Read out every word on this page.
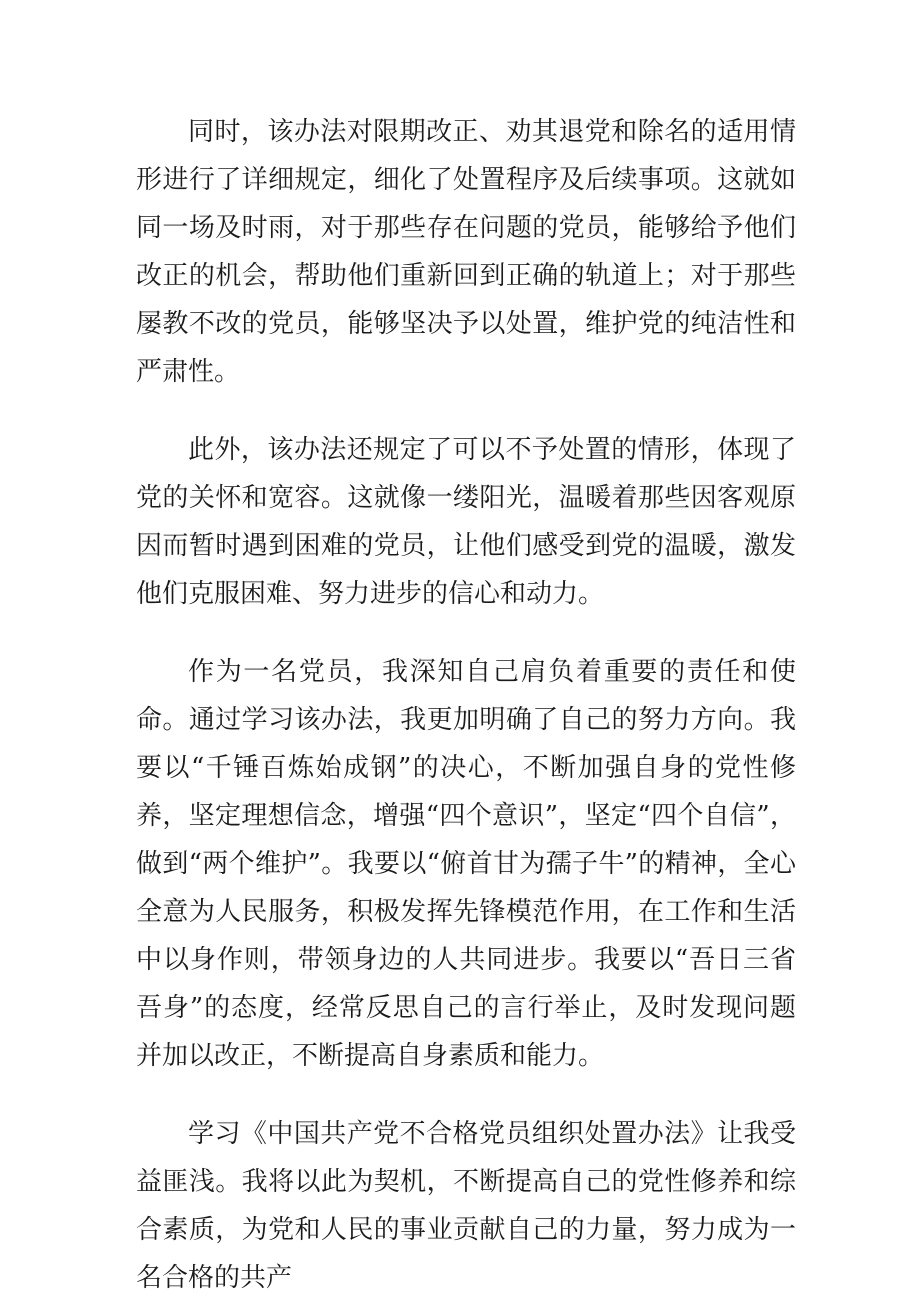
同时，该办法对限期改正、劝其退党和除名的适用情形进行了详细规定，细化了处置程序及后续事项。这就如同一场及时雨，对于那些存在问题的党员，能够给予他们改正的机会，帮助他们重新回到正确的轨道上；对于那些屡教不改的党员，能够坚决予以处置，维护党的纯洁性和严肃性。

此外，该办法还规定了可以不予处置的情形，体现了党的关怀和宽容。这就像一缕阳光，温暖着那些因客观原因而暂时遇到困难的党员，让他们感受到党的温暖，激发他们克服困难、努力进步的信心和动力。

作为一名党员，我深知自己肩负着重要的责任和使命。通过学习该办法，我更加明确了自己的努力方向。我要以“千锤百炼始成钢”的决心，不断加强自身的党性修养，坚定理想信念，增强“四个意识”，坚定“四个自信”，做到“两个维护”。我要以“俯首甘为孺子牛”的精神，全心全意为人民服务，积极发挥先锋模范作用，在工作和生活中以身作则，带领身边的人共同进步。我要以“吾日三省吾身”的态度，经常反思自己的言行举止，及时发现问题并加以改正，不断提高自身素质和能力。

学习《中国共产党不合格党员组织处置办法》让我受益匪浅。我将以此为契机，不断提高自己的党性修养和综合素质，为党和人民的事业贡献自己的力量，努力成为一名合格的共产
